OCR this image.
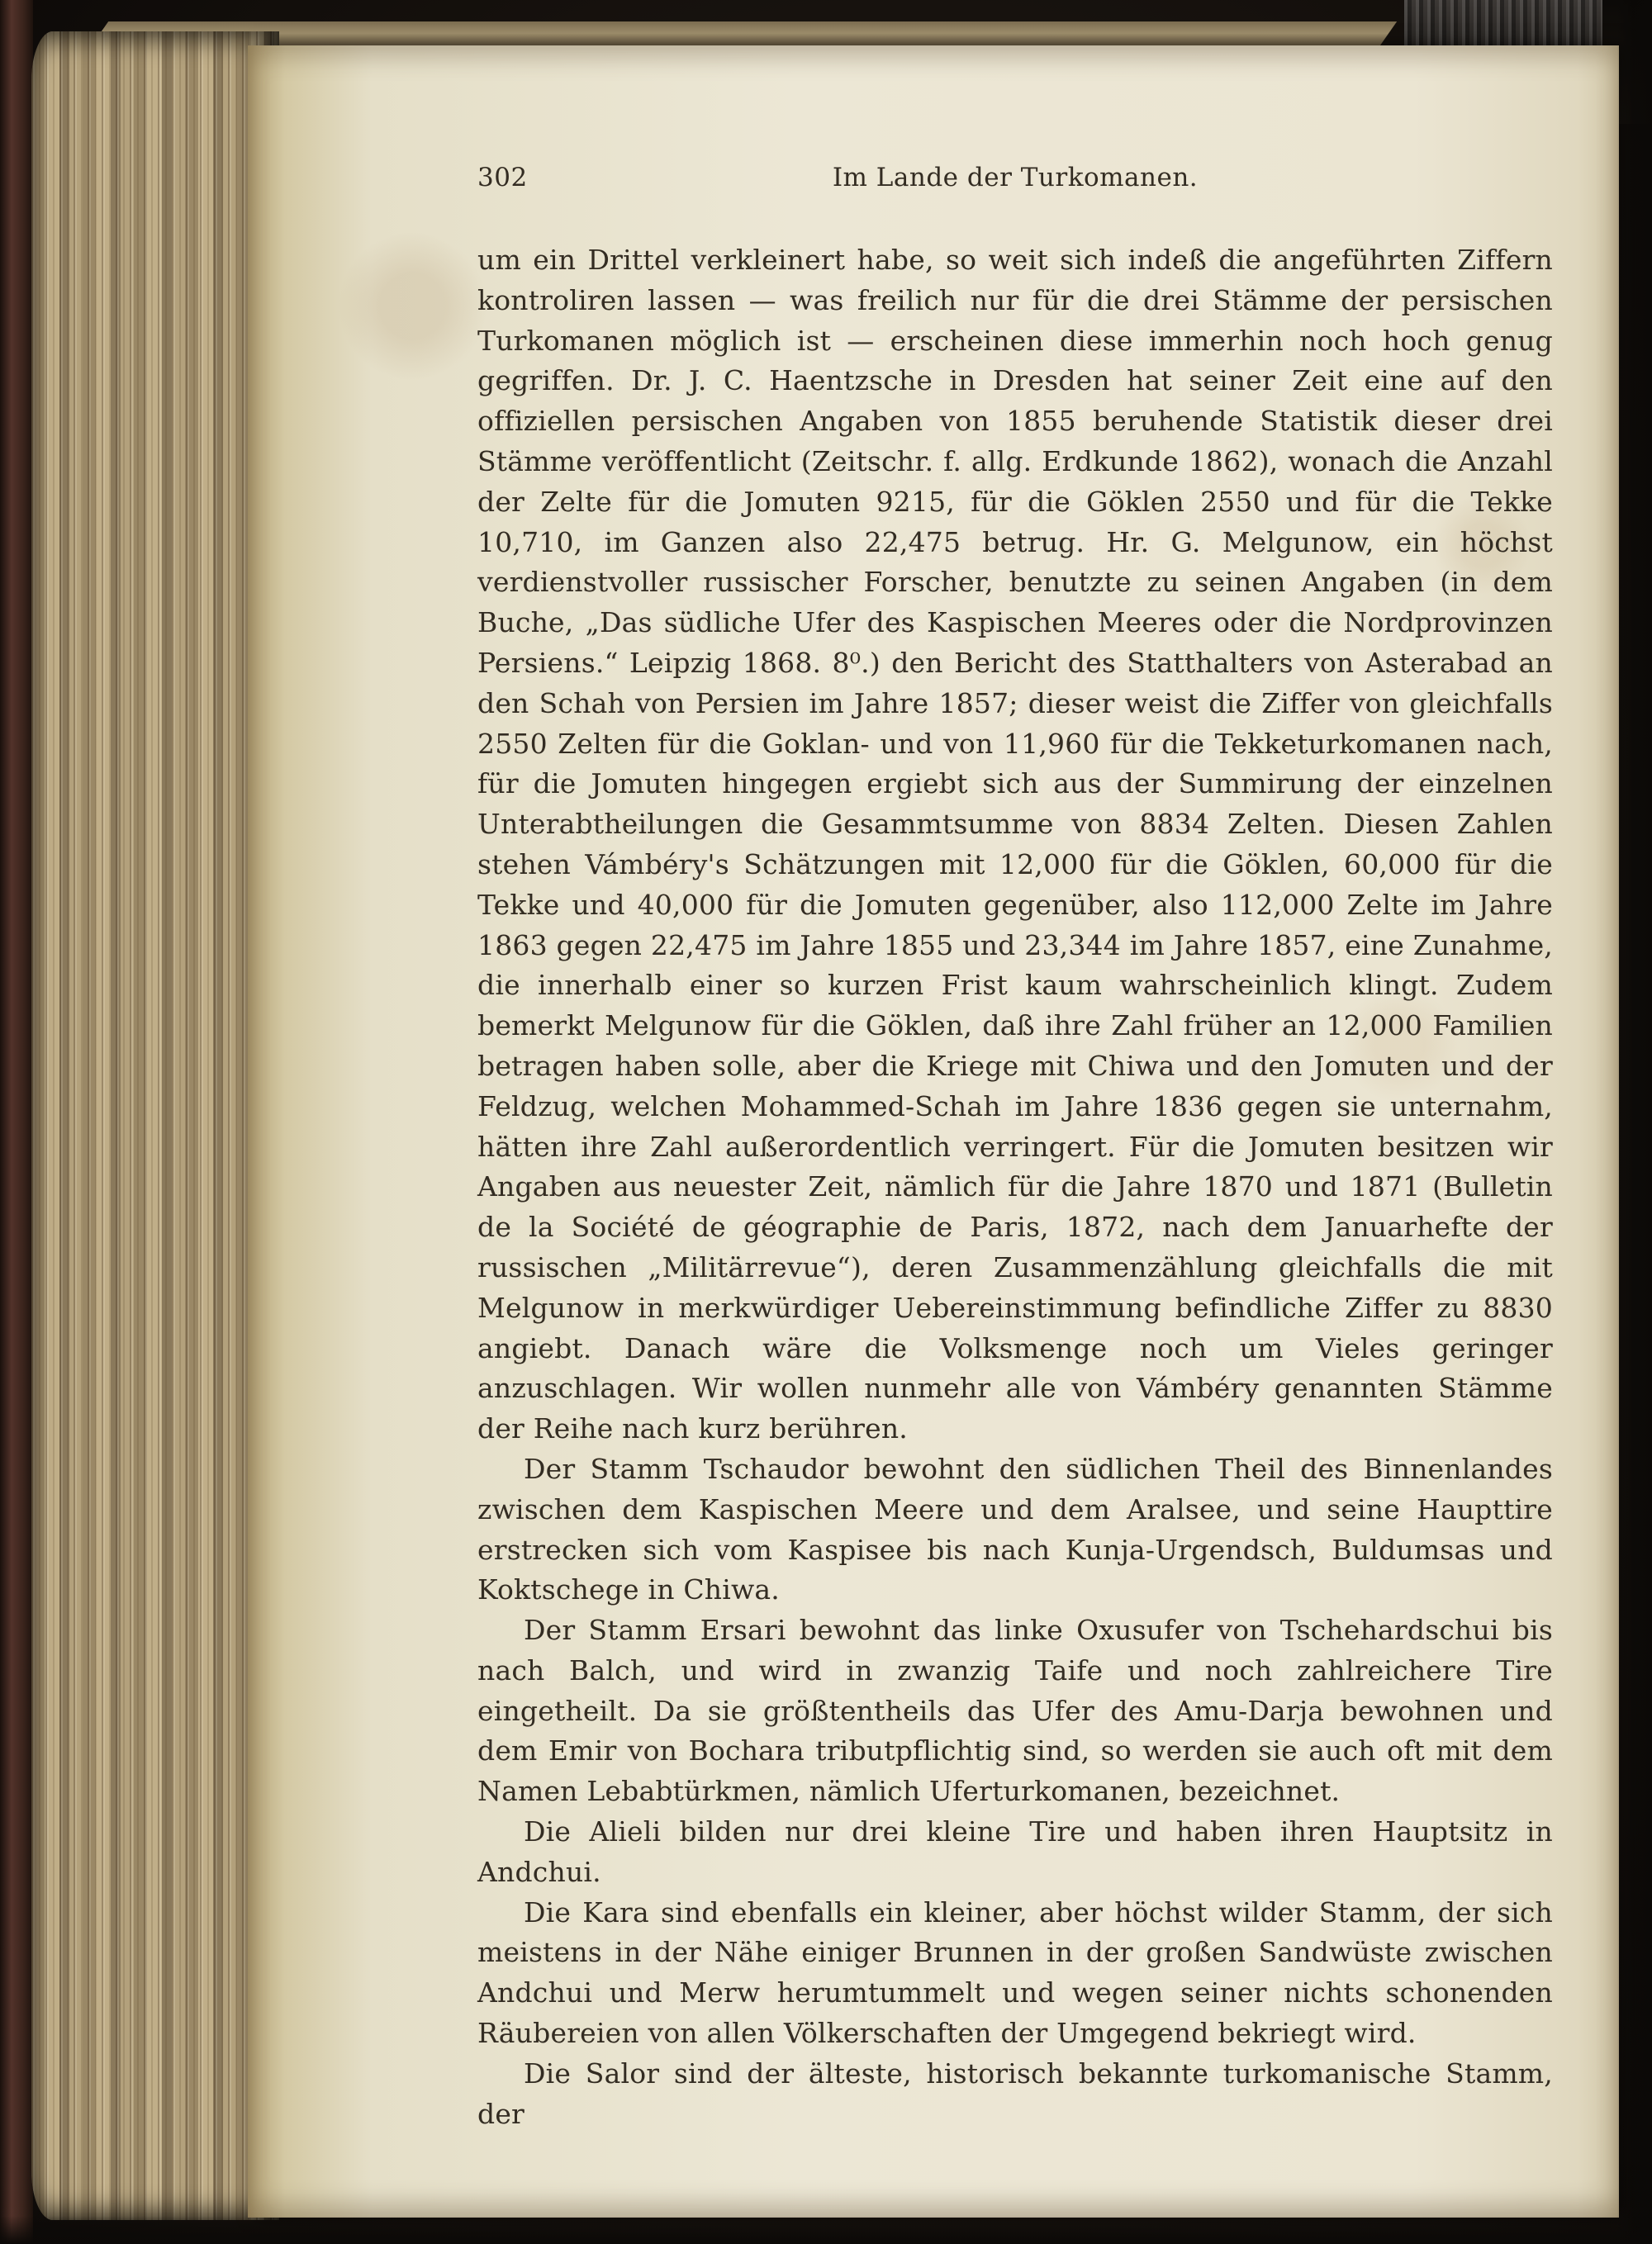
302	Im Lande der Turkomanen.

um ein Drittel verkleinert habe, so weit sich indeß die angeführten Ziffern kontroliren lassen — was freilich nur für die drei Stämme der persischen Turkomanen möglich ist — erscheinen diese immerhin noch hoch genug gegriffen. Dr. J. C. Haentzsche in Dresden hat seiner Zeit eine auf den offiziellen persischen Angaben von 1855 beruhende Statistik dieser drei Stämme veröffentlicht (Zeitschr. f. allg. Erdkunde 1862), wonach die Anzahl der Zelte für die Jomuten 9215, für die Göklen 2550 und für die Tekke 10,710, im Ganzen also 22,475 betrug. Hr. G. Melgunow, ein höchst verdienstvoller russischer Forscher, benutzte zu seinen Angaben (in dem Buche, „Das südliche Ufer des Kaspischen Meeres oder die Nordprovinzen Persiens.“ Leipzig 1868. 8⁰.) den Bericht des Statthalters von Asterabad an den Schah von Persien im Jahre 1857; dieser weist die Ziffer von gleichfalls 2550 Zelten für die Goklan- und von 11,960 für die Tekketurkomanen nach, für die Jomuten hingegen ergiebt sich aus der Summirung der einzelnen Unterabtheilungen die Gesammtsumme von 8834 Zelten. Diesen Zahlen stehen Vámbéry's Schätzungen mit 12,000 für die Göklen, 60,000 für die Tekke und 40,000 für die Jomuten gegenüber, also 112,000 Zelte im Jahre 1863 gegen 22,475 im Jahre 1855 und 23,344 im Jahre 1857, eine Zunahme, die innerhalb einer so kurzen Frist kaum wahrscheinlich klingt. Zudem bemerkt Melgunow für die Göklen, daß ihre Zahl früher an 12,000 Familien betragen haben solle, aber die Kriege mit Chiwa und den Jomuten und der Feldzug, welchen Mohammed-Schah im Jahre 1836 gegen sie unternahm, hätten ihre Zahl außerordentlich verringert. Für die Jomuten besitzen wir Angaben aus neuester Zeit, nämlich für die Jahre 1870 und 1871 (Bulletin de la Société de géographie de Paris, 1872, nach dem Januarhefte der russischen „Militärrevue“), deren Zusammenzählung gleichfalls die mit Melgunow in merkwürdiger Uebereinstimmung befindliche Ziffer zu 8830 angiebt. Danach wäre die Volksmenge noch um Vieles geringer anzuschlagen. Wir wollen nunmehr alle von Vámbéry genannten Stämme der Reihe nach kurz berühren.

Der Stamm Tschaudor bewohnt den südlichen Theil des Binnenlandes zwischen dem Kaspischen Meere und dem Aralsee, und seine Haupttire erstrecken sich vom Kaspisee bis nach Kunja-Urgendsch, Buldumsas und Koktschege in Chiwa.

Der Stamm Ersari bewohnt das linke Oxusufer von Tschehardschui bis nach Balch, und wird in zwanzig Taife und noch zahlreichere Tire eingetheilt. Da sie größtentheils das Ufer des Amu-Darja bewohnen und dem Emir von Bochara tributpflichtig sind, so werden sie auch oft mit dem Namen Lebabtürkmen, nämlich Uferturkomanen, bezeichnet.

Die Alieli bilden nur drei kleine Tire und haben ihren Hauptsitz in Andchui.

Die Kara sind ebenfalls ein kleiner, aber höchst wilder Stamm, der sich meistens in der Nähe einiger Brunnen in der großen Sandwüste zwischen Andchui und Merw herumtummelt und wegen seiner nichts schonenden Räubereien von allen Völkerschaften der Umgegend bekriegt wird.

Die Salor sind der älteste, historisch bekannte turkomanische Stamm, der
